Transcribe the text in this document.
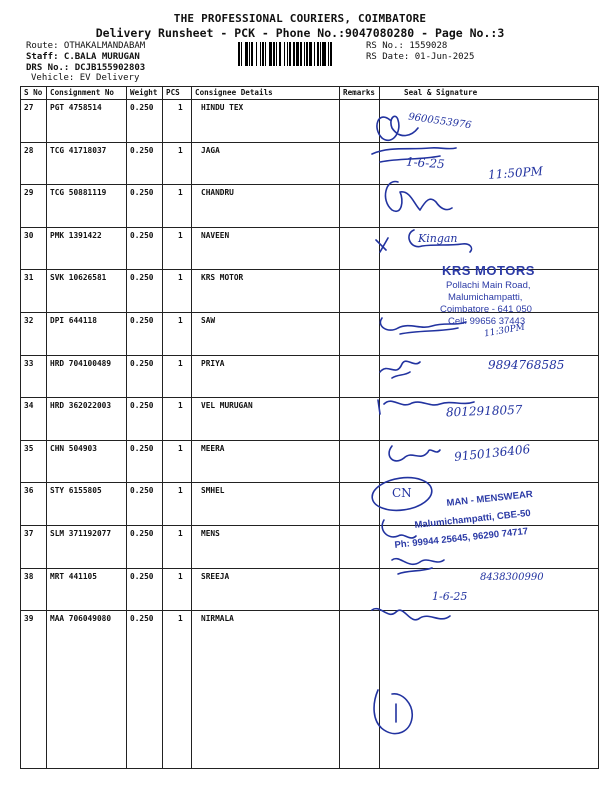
THE PROFESSIONAL COURIERS, COIMBATORE
Delivery Runsheet - PCK - Phone No.:9047080280 - Page No.:3
Route: OTHAKALMANDABAM
Staff: C.BALA MURUGAN
DRS No.: DCJB155902803
Vehicle: EV Delivery
RS No.: 1559028
RS Date: 01-Jun-2025
S No	Consignment No	Weight	PCS	Consignee Details	Remarks	Seal & Signature
27	PGT 4758514	0.250	1	HINDU TEX		
28	TCG 41718037	0.250	1	JAGA		
29	TCG 50881119	0.250	1	CHANDRU		
30	PMK 1391422	0.250	1	NAVEEN		
31	SVK 10626581	0.250	1	KRS MOTOR		
32	DPI 644118	0.250	1	SAW		
33	HRD 704100489	0.250	1	PRIYA		
34	HRD 362022003	0.250	1	VEL MURUGAN		
35	CHN 504903	0.250	1	MEERA		
36	STY 6155805	0.250	1	SMHEL		
37	SLM 371192077	0.250	1	MENS		
38	MRT 441105	0.250	1	SREEJA		
39	MAA 706049080	0.250	1	NIRMALA		
9600553976
1-6-25
11:50PM
Kingan
11:30PM
9894768585
8012918057
9150136406
CN
8438300990
1-6-25
KRS MOTORS
Pollachi Main Road,
Malumichampatti,
Coimbatore - 641 050
Cell: 99656 37443
MAN - MENSWEAR
Malumichampatti, CBE-50
Ph: 99944 25645, 96290 74717
